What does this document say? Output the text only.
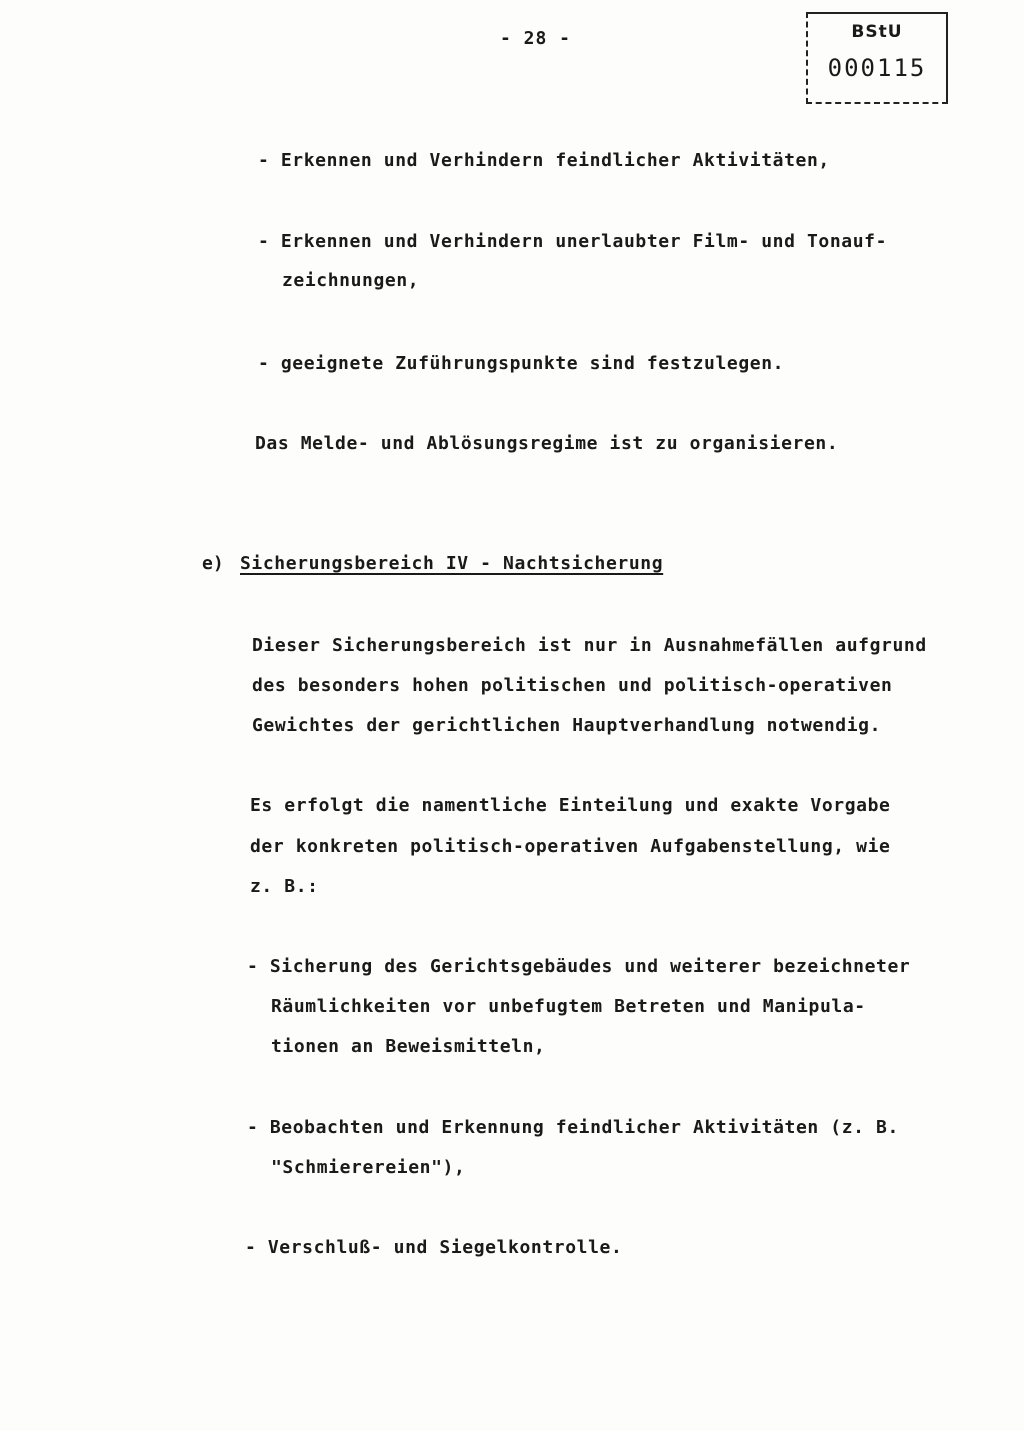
- 28 -	BStU
000115
- Erkennen und Verhindern feindlicher Aktivitäten,
- Erkennen und Verhindern unerlaubter Film- und Tonauf-
zeichnungen,
- geeignete Zuführungspunkte sind festzulegen.
Das Melde- und Ablösungsregime ist zu organisieren.
e) Sicherungsbereich IV - Nachtsicherung
Dieser Sicherungsbereich ist nur in Ausnahmefällen aufgrund
des besonders hohen politischen und politisch-operativen
Gewichtes der gerichtlichen Hauptverhandlung notwendig.
Es erfolgt die namentliche Einteilung und exakte Vorgabe
der konkreten politisch-operativen Aufgabenstellung, wie
z. B.:
- Sicherung des Gerichtsgebäudes und weiterer bezeichneter
Räumlichkeiten vor unbefugtem Betreten und Manipula-
tionen an Beweismitteln,
- Beobachten und Erkennung feindlicher Aktivitäten (z. B.
"Schmierereien"),
- Verschluß- und Siegelkontrolle.
